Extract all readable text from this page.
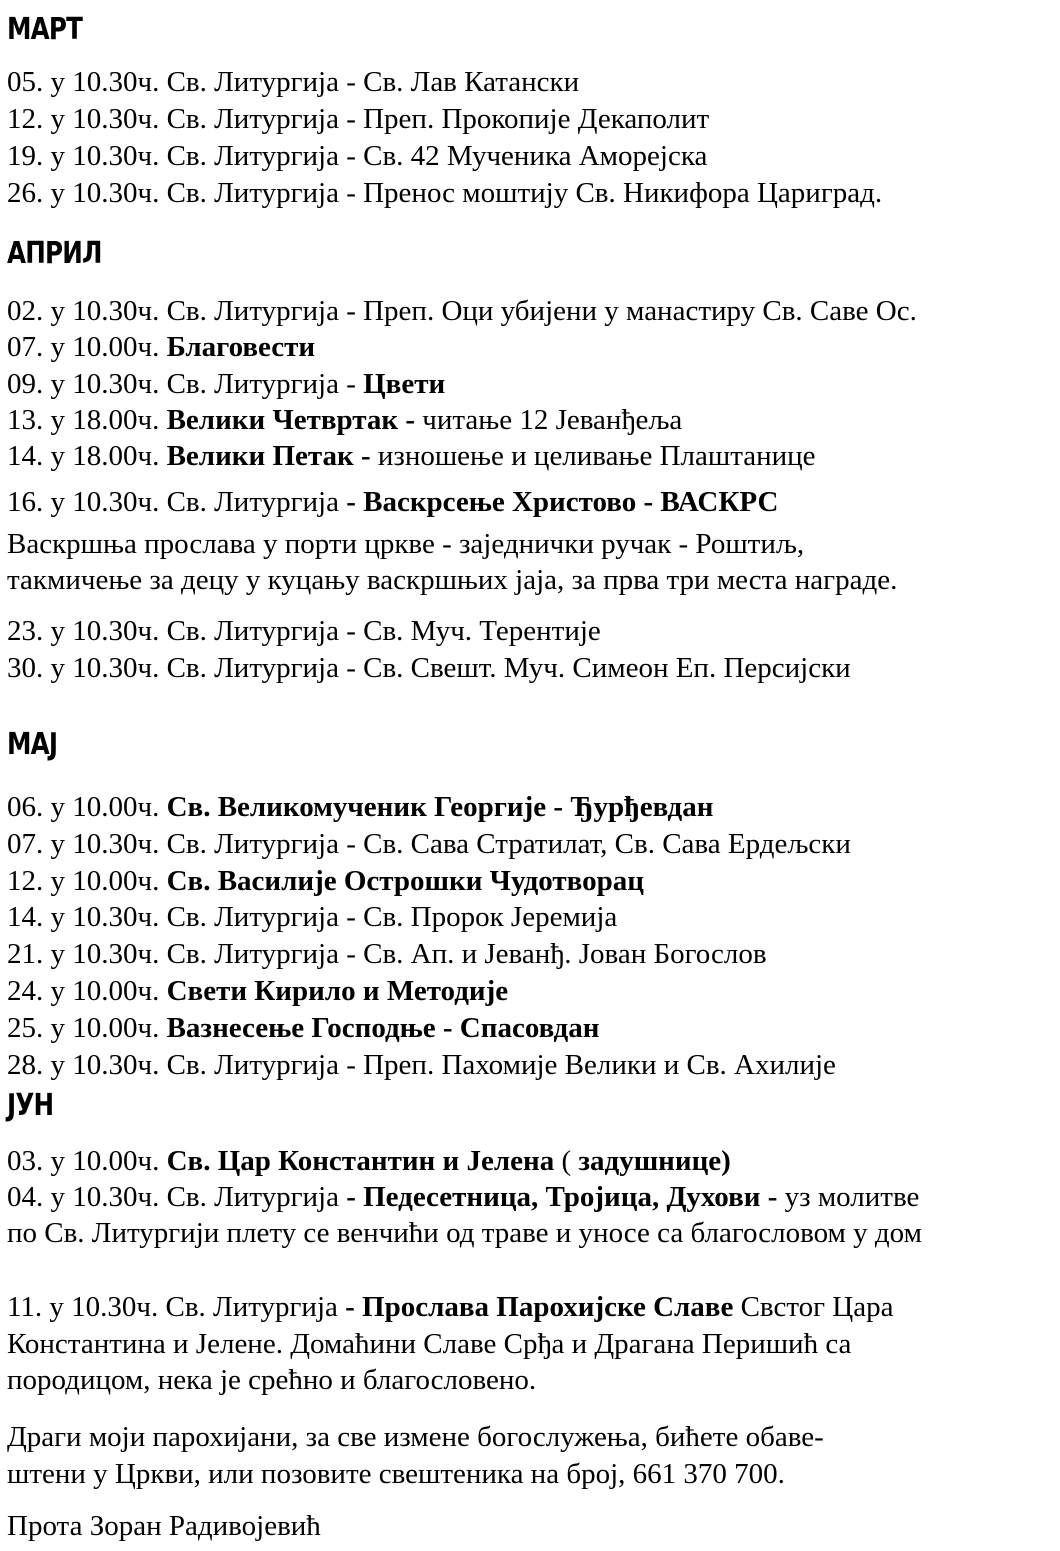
МАРТ
05. у 10.30ч. Св. Литургија - Св. Лав Катански
12. у 10.30ч. Св. Литургија - Преп. Прокопије Декаполит
19. у 10.30ч. Св. Литургија - Св. 42 Мученика Аморејска
26. у 10.30ч. Св. Литургија - Пренос моштију Св. Никифора Цариград.
АПРИЛ
02. у 10.30ч. Св. Литургија - Преп. Оци убијени у манастиру Св. Саве Ос.
07. у 10.00ч. Благовести
09. у 10.30ч. Св. Литургија - Цвети
13. у 18.00ч. Велики Четвртак - читање 12 Јеванђеља
14. у 18.00ч. Велики Петак - изношење и целивање Плаштанице
16. у 10.30ч. Св. Литургија - Васкрсење Христово - ВАСКРС
Васкршња прослава у порти цркве - заједнички ручак - Роштиљ,
такмичење за децу у куцању васкршњих јаја, за прва три места награде.
23. у 10.30ч. Св. Литургија - Св. Муч. Терентије
30. у 10.30ч. Св. Литургија - Св. Свешт. Муч. Симеон Еп. Персијски
МАЈ
06. у 10.00ч. Св. Великомученик Георгије - Ђурђевдан
07. у 10.30ч. Св. Литургија - Св. Сава Стратилат, Св. Сава Ердељски
12. у 10.00ч. Св. Василије Острошки Чудотворац
14. у 10.30ч. Св. Литургија - Св. Пророк Јеремија
21. у 10.30ч. Св. Литургија - Св. Ап. и Јеванђ. Јован Богослов
24. у 10.00ч. Свети Кирило и Методије
25. у 10.00ч. Вазнесење Господње - Спасовдан
28. у 10.30ч. Св. Литургија - Преп. Пахомије Велики и Св. Ахилије
ЈУН
03. у 10.00ч. Св. Цар Константин и Јелена ( задушнице)
04. у 10.30ч. Св. Литургија - Педесетница, Тројица, Духови - уз молитве
по Св. Литургији плету се венчићи од траве и уносе са благословом у дом
11. у 10.30ч. Св. Литургија - Прослава Парохијске Славе Свстог Цара
Константина и Јелене. Домаћини Славе Срђа и Драгана Перишић са
породицом, нека је срећно и благословено.
Драги моји парохијани, за све измене богослужења, бићете обаве-
штени у Цркви, или позовите свештеника на број, 661 370 700.
Прота Зоран Радивојевић
